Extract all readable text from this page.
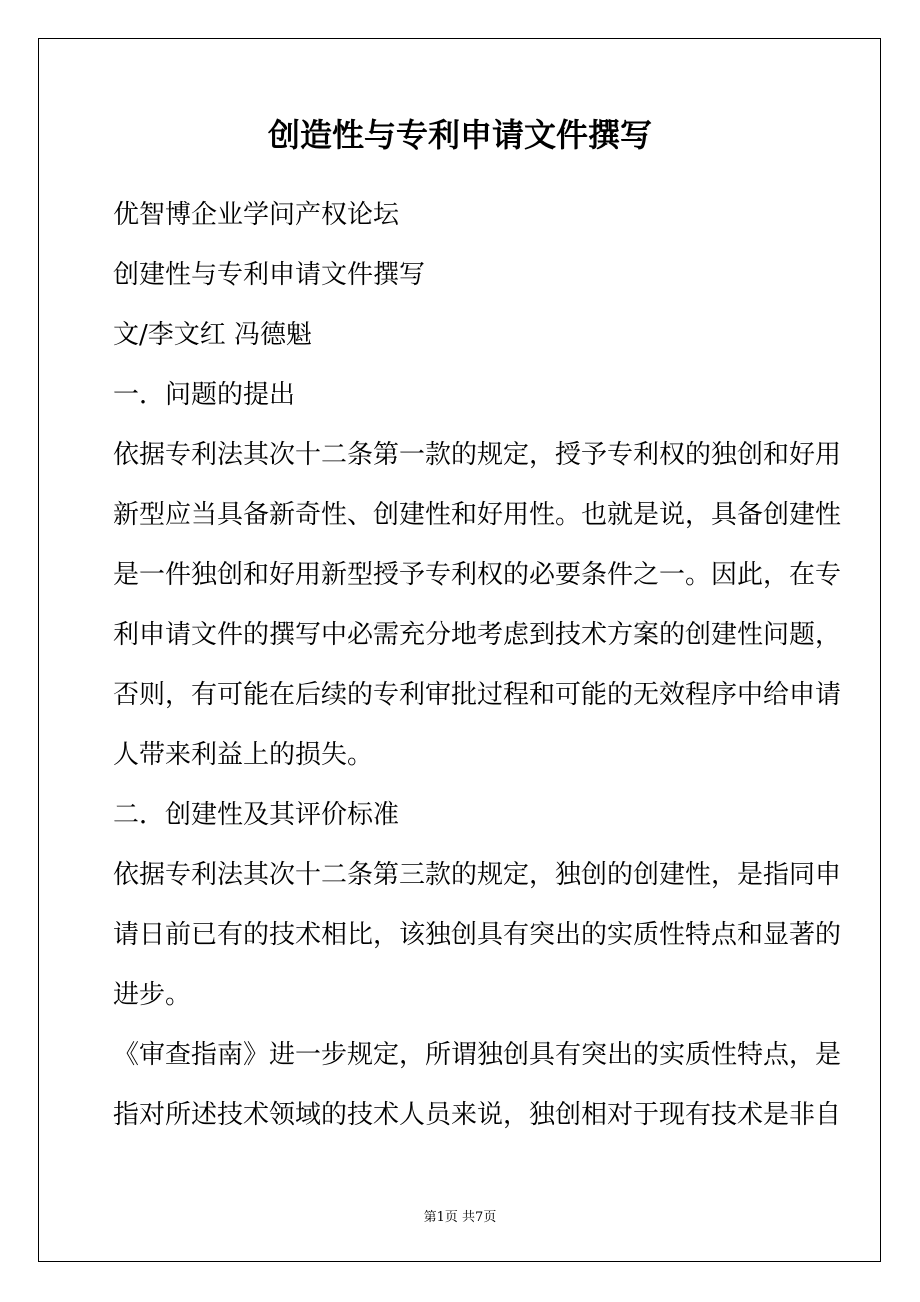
创造性与专利申请文件撰写
优智博企业学问产权论坛
创建性与专利申请文件撰写
文/李文红 冯德魁
一．问题的提出
依据专利法其次十二条第一款的规定，授予专利权的独创和好用
新型应当具备新奇性、创建性和好用性。也就是说，具备创建性
是一件独创和好用新型授予专利权的必要条件之一。因此，在专
利申请文件的撰写中必需充分地考虑到技术方案的创建性问题，
否则，有可能在后续的专利审批过程和可能的无效程序中给申请
人带来利益上的损失。
二．创建性及其评价标准
依据专利法其次十二条第三款的规定，独创的创建性，是指同申
请日前已有的技术相比，该独创具有突出的实质性特点和显著的
进步。
《审查指南》进一步规定，所谓独创具有突出的实质性特点，是
指对所述技术领域的技术人员来说，独创相对于现有技术是非自
第1页 共7页
